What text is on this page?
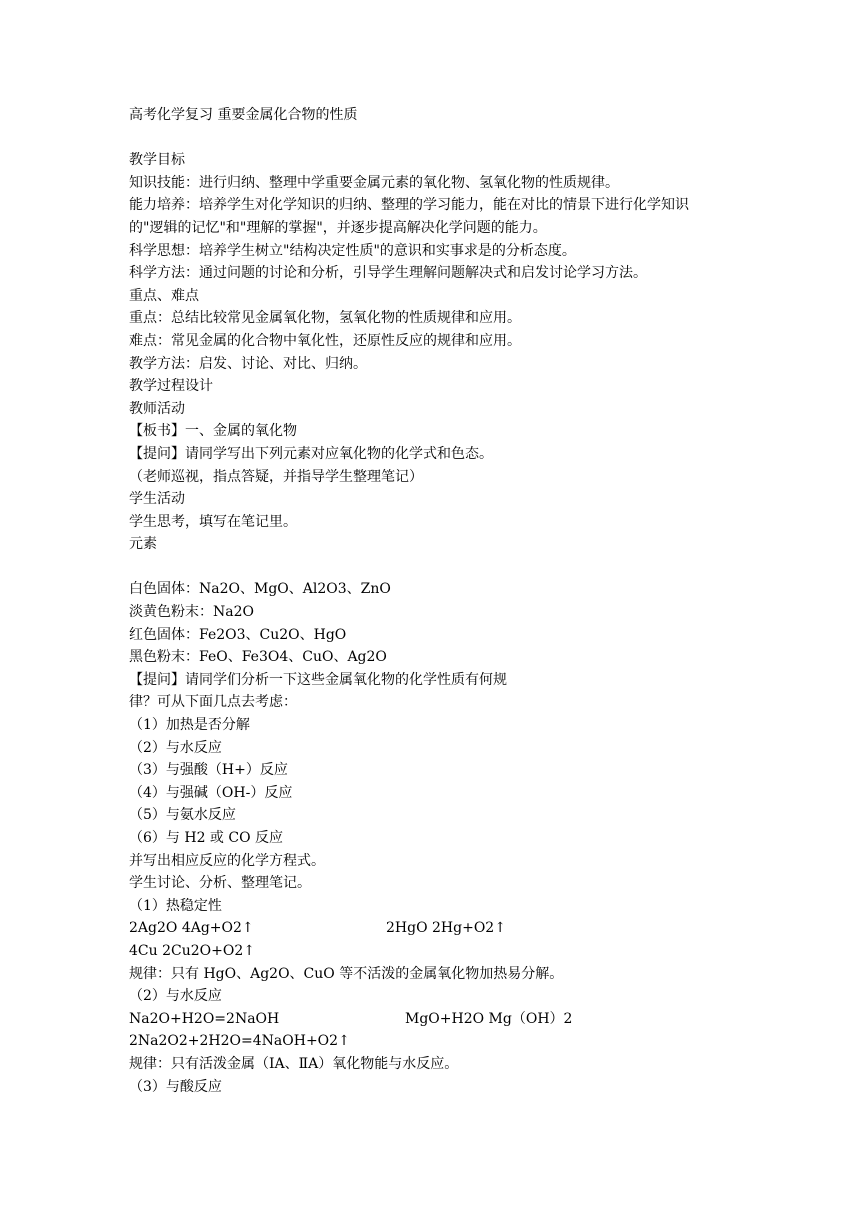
高考化学复习 重要金属化合物的性质
教学目标
知识技能：进行归纳、整理中学重要金属元素的氧化物、氢氧化物的性质规律。
能力培养：培养学生对化学知识的归纳、整理的学习能力，能在对比的情景下进行化学知识
的"逻辑的记忆"和"理解的掌握"，并逐步提高解决化学问题的能力。
科学思想：培养学生树立"结构决定性质"的意识和实事求是的分析态度。
科学方法：通过问题的讨论和分析，引导学生理解问题解决式和启发讨论学习方法。
重点、难点
重点：总结比较常见金属氧化物，氢氧化物的性质规律和应用。
难点：常见金属的化合物中氧化性，还原性反应的规律和应用。
教学方法：启发、讨论、对比、归纳。
教学过程设计
教师活动
【板书】一、金属的氧化物
【提问】请同学写出下列元素对应氧化物的化学式和色态。
（老师巡视，指点答疑，并指导学生整理笔记）
学生活动
学生思考，填写在笔记里。
元素
白色固体：Na2O、MgO、Al2O3、ZnO
淡黄色粉末：Na2O
红色固体：Fe2O3、Cu2O、HgO
黑色粉末：FeO、Fe3O4、CuO、Ag2O
【提问】请同学们分析一下这些金属氧化物的化学性质有何规
律？可从下面几点去考虑：
（1）加热是否分解
（2）与水反应
（3）与强酸（H+）反应
（4）与强碱（OH-）反应
（5）与氨水反应
（6）与 H2 或 CO 反应
并写出相应反应的化学方程式。
学生讨论、分析、整理笔记。
（1）热稳定性
2Ag2O 4Ag+O2↑	2HgO 2Hg+O2↑
4Cu 2Cu2O+O2↑
规律：只有 HgO、Ag2O、CuO 等不活泼的金属氧化物加热易分解。
（2）与水反应
Na2O+H2O=2NaOH	MgO+H2O Mg（OH）2
2Na2O2+2H2O=4NaOH+O2↑
规律：只有活泼金属（ⅠA、ⅡA）氧化物能与水反应。
（3）与酸反应
